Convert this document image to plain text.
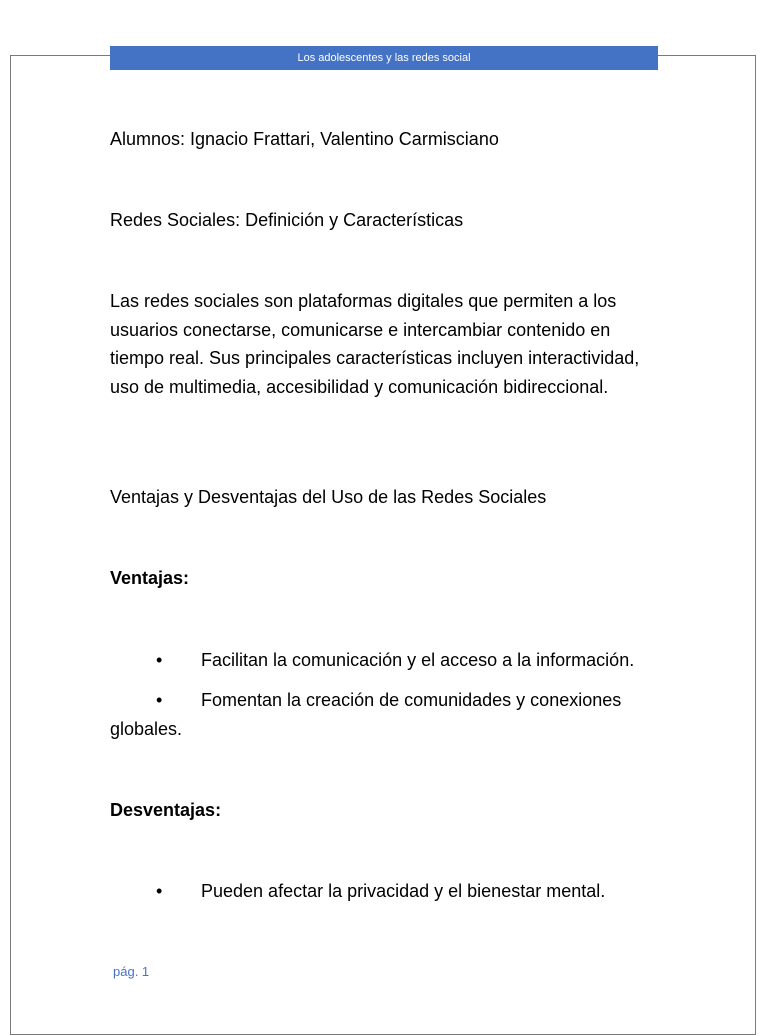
Los adolescentes y las redes social

Alumnos: Ignacio Frattari, Valentino Carmisciano

Redes Sociales: Definición y Características

Las redes sociales son plataformas digitales que permiten a los usuarios conectarse, comunicarse e intercambiar contenido en tiempo real. Sus principales características incluyen interactividad, uso de multimedia, accesibilidad y comunicación bidireccional.

Ventajas y Desventajas del Uso de las Redes Sociales

Ventajas:

• Facilitan la comunicación y el acceso a la información.

• Fomentan la creación de comunidades y conexiones globales.

Desventajas:

• Pueden afectar la privacidad y el bienestar mental.

pág. 1
